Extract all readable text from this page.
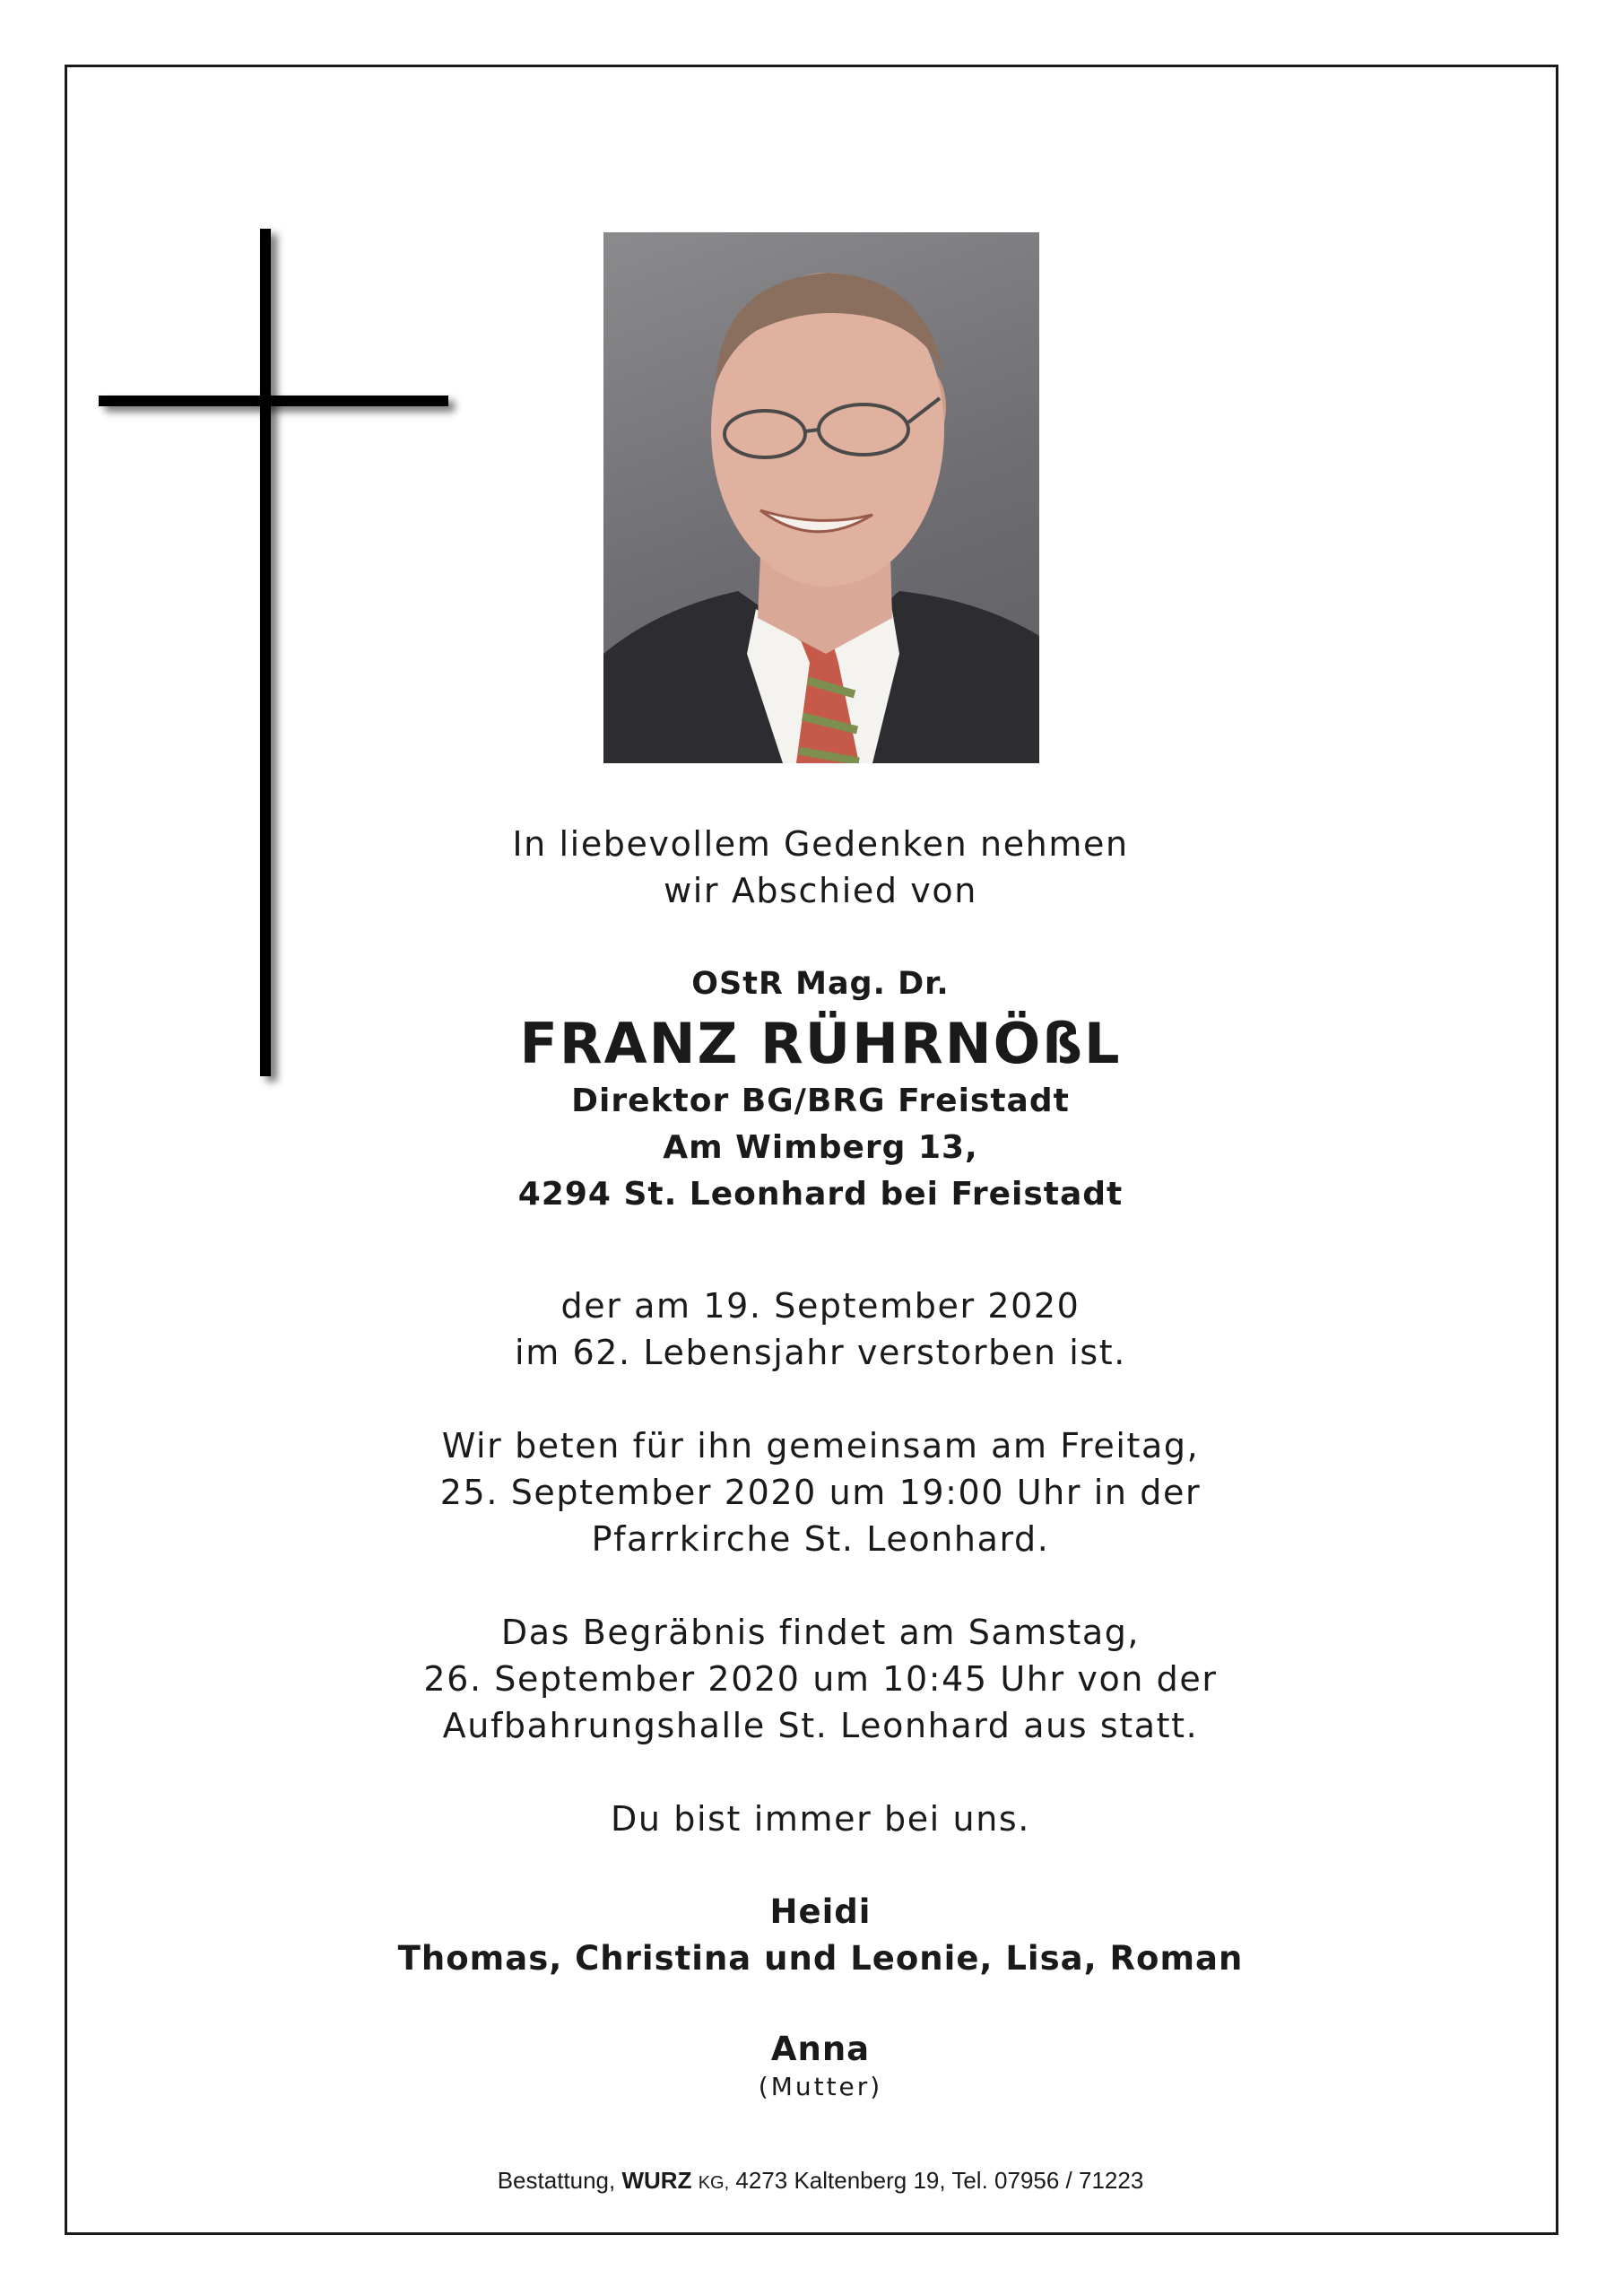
In liebevollem Gedenken nehmen
wir Abschied von
OStR Mag. Dr.
FRANZ RÜHRNÖßL
Direktor BG/BRG Freistadt
Am Wimberg 13,
4294 St. Leonhard bei Freistadt
der am 19. September 2020
im 62. Lebensjahr verstorben ist.
Wir beten für ihn gemeinsam am Freitag,
25. September 2020 um 19:00 Uhr in der
Pfarrkirche St. Leonhard.
Das Begräbnis findet am Samstag,
26. September 2020 um 10:45 Uhr von der
Aufbahrungshalle St. Leonhard aus statt.
Du bist immer bei uns.
Heidi
Thomas, Christina und Leonie, Lisa, Roman
Anna
(Mutter)
Bestattung, WURZ KG, 4273 Kaltenberg 19, Tel. 07956 / 71223
